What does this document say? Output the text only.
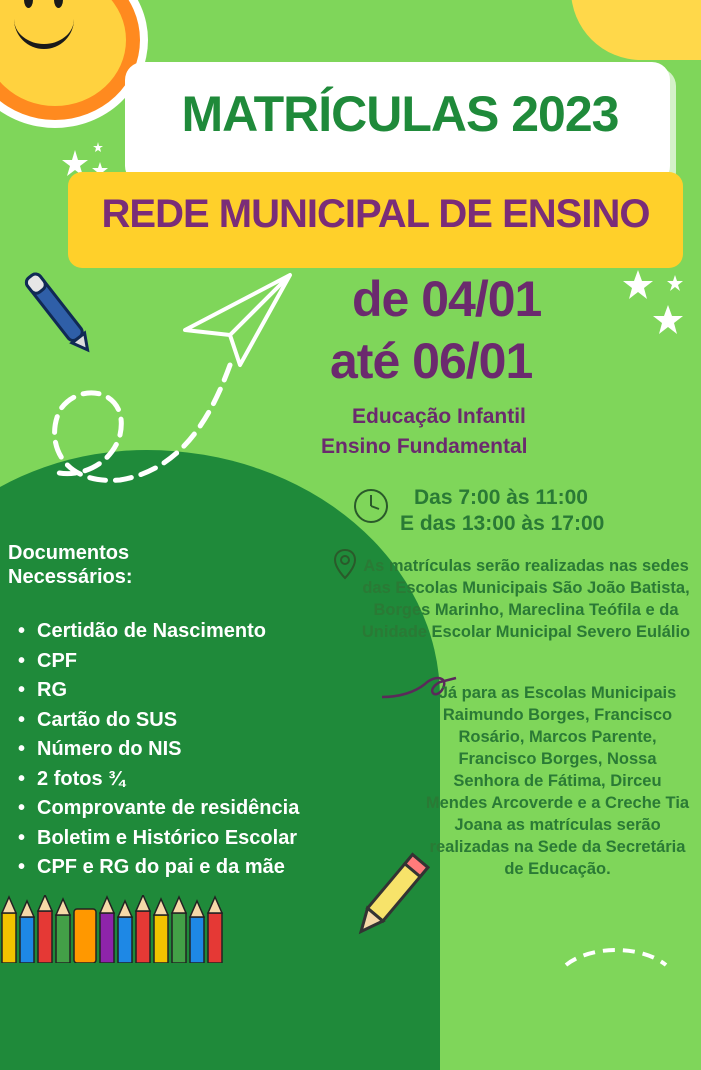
MATRÍCULAS 2023
REDE MUNICIPAL DE ENSINO
de 04/01
até 06/01
Educação Infantil
Ensino Fundamental
Das 7:00 às 11:00
E das 13:00 às 17:00
As matrículas serão realizadas nas sedes das Escolas Municipais São João Batista, Borges Marinho, Mareclina Teófila e da Unidade Escolar Municipal Severo Eulálio
Já para as Escolas Municipais Raimundo Borges, Francisco Rosário, Marcos Parente, Francisco Borges, Nossa Senhora de Fátima, Dirceu Mendes Arcoverde e a Creche Tia Joana as matrículas serão realizadas na Sede da Secretária de Educação.
Documentos
Necessários:
• Certidão de Nascimento
• CPF
• RG
• Cartão do SUS
• Número do NIS
• 2 fotos ¾
• Comprovante de residência
• Boletim e Histórico Escolar
• CPF e RG do pai e da mãe
